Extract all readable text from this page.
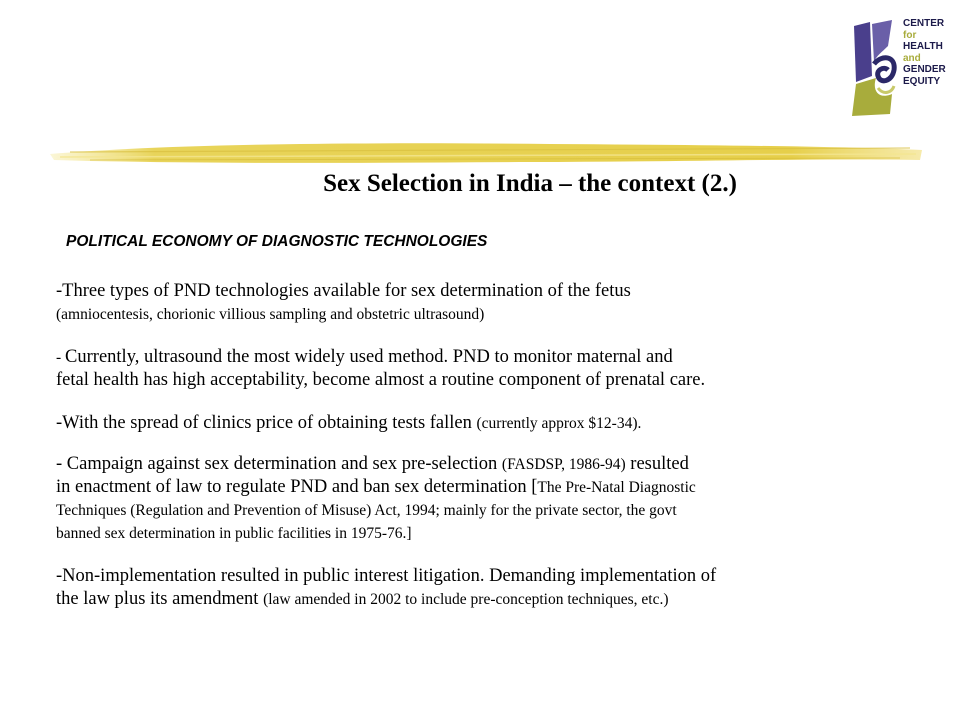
CENTER
for
HEALTH
and
GENDER
EQUITY
Sex Selection in India – the context (2.)
POLITICAL ECONOMY OF DIAGNOSTIC TECHNOLOGIES
-Three types of PND technologies available for sex determination of the fetus
(amniocentesis, chorionic villious sampling and obstetric ultrasound)
- Currently, ultrasound the most widely used method. PND to monitor maternal and
fetal health has high acceptability, become almost a routine component of prenatal care.
-With the spread of clinics price of obtaining tests fallen (currently approx $12-34).
- Campaign against sex determination and sex pre-selection (FASDSP, 1986-94) resulted
in enactment of law to regulate PND and ban sex determination [The Pre-Natal Diagnostic
Techniques (Regulation and Prevention of Misuse) Act, 1994; mainly for the private sector, the govt
banned sex determination in public facilities in 1975-76.]
-Non-implementation resulted in public interest litigation. Demanding implementation of
the law plus its amendment (law amended in 2002 to include pre-conception techniques, etc.)
